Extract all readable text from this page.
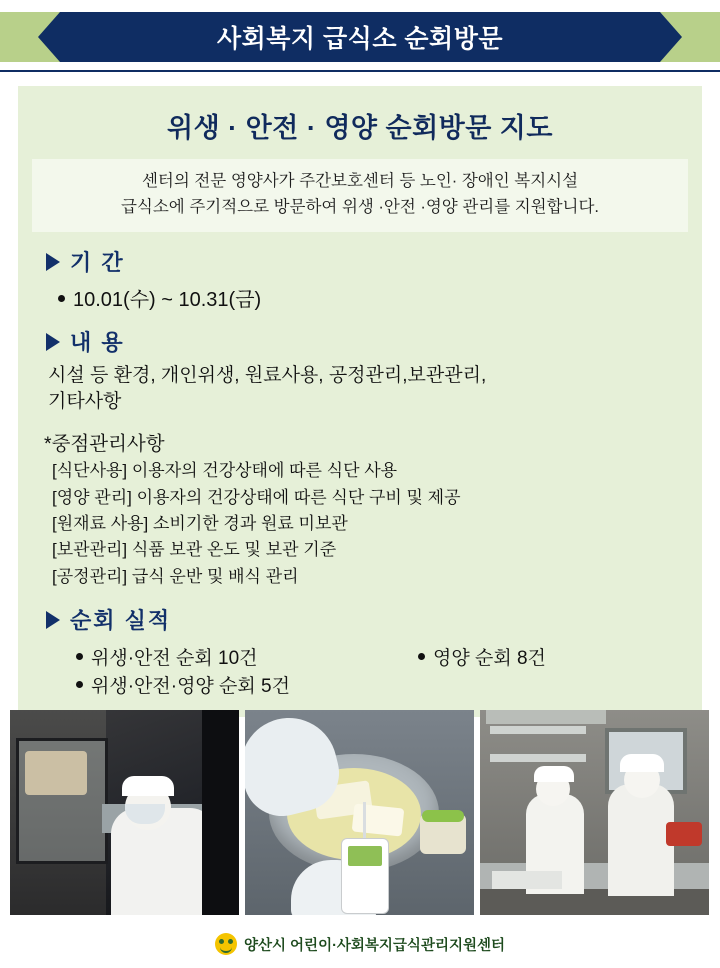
사회복지 급식소 순회방문
위생 · 안전 · 영양 순회방문 지도
센터의 전문 영양사가 주간보호센터 등 노인· 장애인 복지시설
급식소에 주기적으로 방문하여 위생 ·안전 ·영양 관리를 지원합니다.
기 간
10.01(수) ~ 10.31(금)
내 용
시설 등 환경, 개인위생, 원료사용, 공정관리,보관관리,
기타사항
*중점관리사항
[식단사용] 이용자의 건강상태에 따른 식단 사용
[영양 관리] 이용자의 건강상태에 따른 식단 구비 및 제공
[원재료 사용] 소비기한 경과 원료 미보관
[보관관리] 식품 보관 온도 및 보관 기준
[공정관리] 급식 운반 및 배식 관리
순회 실적
위생·안전 순회 10건	영양 순회 8건
위생·안전·영양 순회 5건
양산시 어린이·사회복지급식관리지원센터
